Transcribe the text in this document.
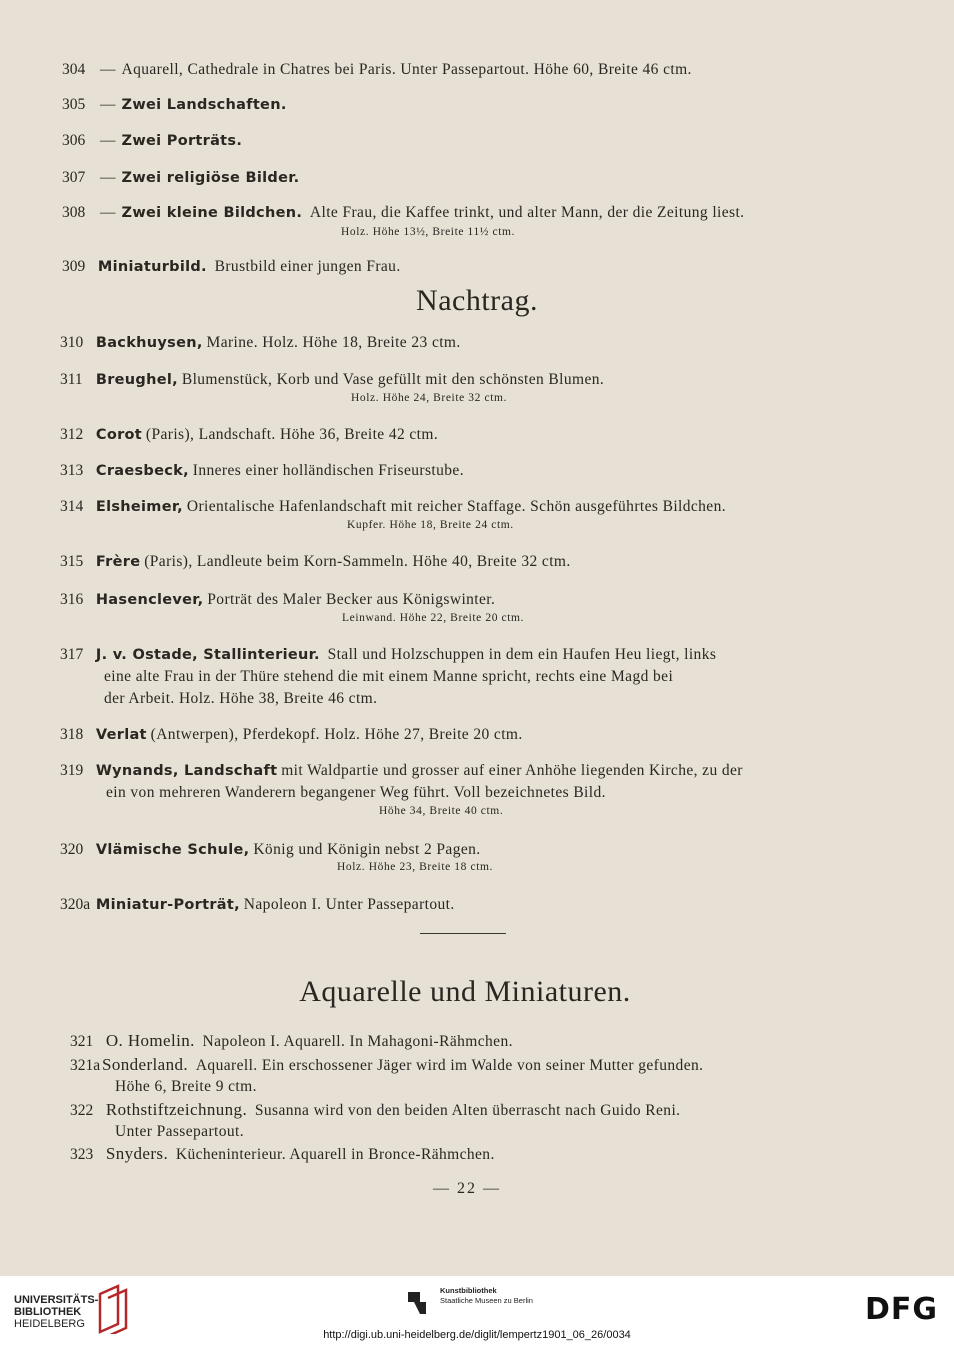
304 — Aquarell, Cathedrale in Chatres bei Paris. Unter Passepartout. Höhe 60, Breite 46 ctm.
305 — Zwei Landschaften.
306 — Zwei Porträts.
307 — Zwei religiöse Bilder.
308 — Zwei kleine Bildchen. Alte Frau, die Kaffee trinkt, und alter Mann, der die Zeitung liest.
Holz. Höhe 13½, Breite 11½ ctm.
309 Miniaturbild. Brustbild einer jungen Frau.
Nachtrag.
310 Backhuysen, Marine. Holz. Höhe 18, Breite 23 ctm.
311 Breughel, Blumenstück, Korb und Vase gefüllt mit den schönsten Blumen.
Holz. Höhe 24, Breite 32 ctm.
312 Corot (Paris), Landschaft. Höhe 36, Breite 42 ctm.
313 Craesbeck, Inneres einer holländischen Friseurstube.
314 Elsheimer, Orientalische Hafenlandschaft mit reicher Staffage. Schön ausgeführtes Bildchen.
Kupfer. Höhe 18, Breite 24 ctm.
315 Frère (Paris), Landleute beim Korn-Sammeln. Höhe 40, Breite 32 ctm.
316 Hasenclever, Porträt des Maler Becker aus Königswinter.
Leinwand. Höhe 22, Breite 20 ctm.
317 J. v. Ostade, Stallinterieur. Stall und Holzschuppen in dem ein Haufen Heu liegt, links
eine alte Frau in der Thüre stehend die mit einem Manne spricht, rechts eine Magd bei
der Arbeit. Holz. Höhe 38, Breite 46 ctm.
318 Verlat (Antwerpen), Pferdekopf. Holz. Höhe 27, Breite 20 ctm.
319 Wynands, Landschaft mit Waldpartie und grosser auf einer Anhöhe liegenden Kirche, zu der
ein von mehreren Wanderern begangener Weg führt. Voll bezeichnetes Bild.
Höhe 34, Breite 40 ctm.
320 Vlämische Schule, König und Königin nebst 2 Pagen.
Holz. Höhe 23, Breite 18 ctm.
320a Miniatur-Porträt, Napoleon I. Unter Passepartout.
Aquarelle und Miniaturen.
321 O. Homelin. Napoleon I. Aquarell. In Mahagoni-Rähmchen.
321a Sonderland. Aquarell. Ein erschossener Jäger wird im Walde von seiner Mutter gefunden.
Höhe 6, Breite 9 ctm.
322 Rothstiftzeichnung. Susanna wird von den beiden Alten überrascht nach Guido Reni.
Unter Passepartout.
323 Snyders. Kücheninterieur. Aquarell in Bronce-Rähmchen.
— 22 —
UNIVERSITÄTS-
BIBLIOTHEK
HEIDELBERG
Kunstbibliothek
Staatliche Museen zu Berlin
http://digi.ub.uni-heidelberg.de/diglit/lempertz1901_06_26/0034
DFG
